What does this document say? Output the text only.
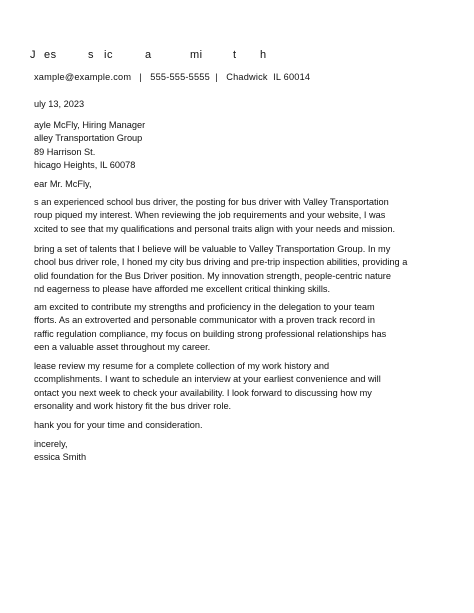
J es	s ic	a	mi	t h
xample@example.com   |   555-555-5555  |   Chadwick  IL 60014
uly 13, 2023
ayle McFly, Hiring Manager
alley Transportation Group
89 Harrison St.
hicago Heights, IL 60078
ear Mr. McFly,
s an experienced school bus driver, the posting for bus driver with Valley Transportation
roup piqued my interest. When reviewing the job requirements and your website, I was
xcited to see that my qualifications and personal traits align with your needs and mission.
bring a set of talents that I believe will be valuable to Valley Transportation Group. In my
chool bus driver role, I honed my city bus driving and pre-trip inspection abilities, providing a
olid foundation for the Bus Driver position. My innovation strength, people-centric nature
nd eagerness to please have afforded me excellent critical thinking skills.
am excited to contribute my strengths and proficiency in the delegation to your team
fforts. As an extroverted and personable communicator with a proven track record in
raffic regulation compliance, my focus on building strong professional relationships has
een a valuable asset throughout my career.
lease review my resume for a complete collection of my work history and
ccomplishments. I want to schedule an interview at your earliest convenience and will
ontact you next week to check your availability. I look forward to discussing how my
ersonality and work history fit the bus driver role.
hank you for your time and consideration.
incerely,
essica Smith
